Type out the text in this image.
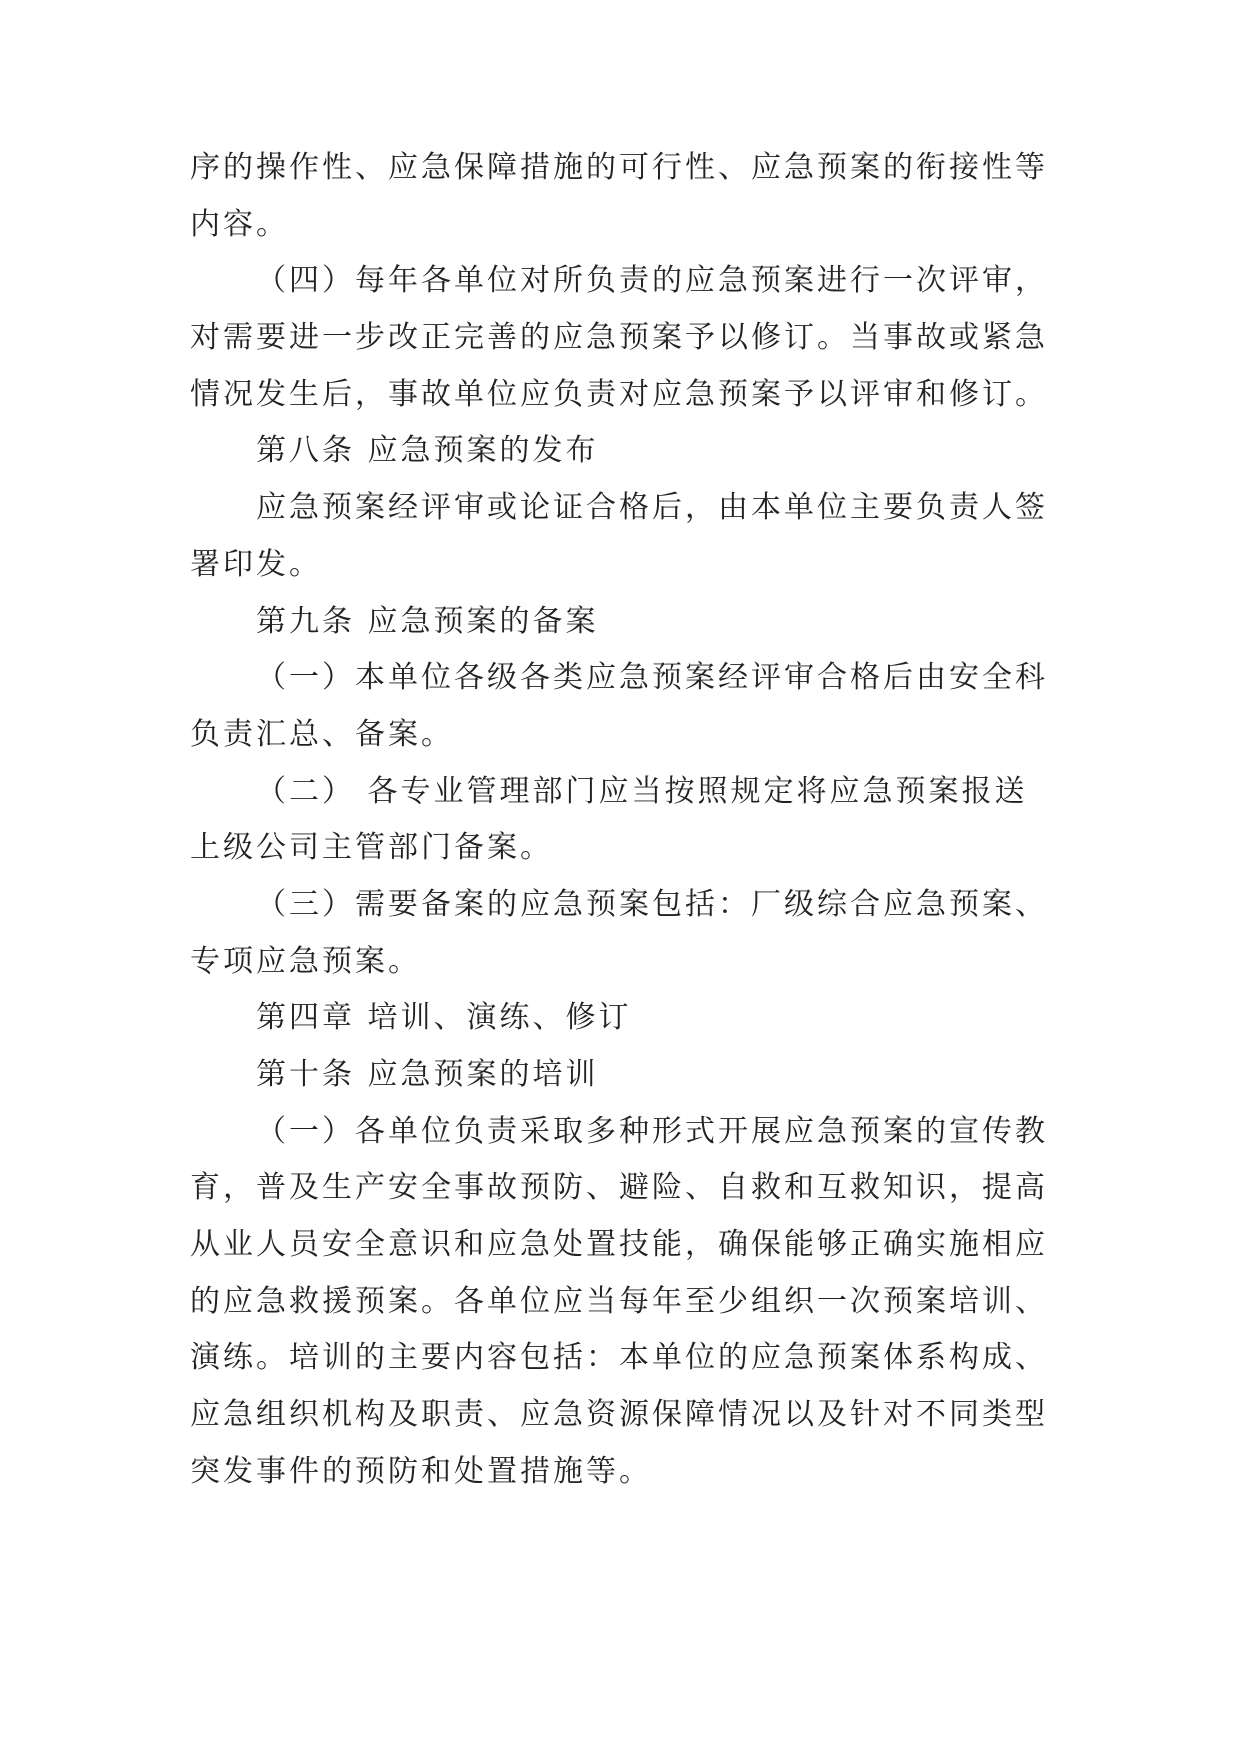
序的操作性、应急保障措施的可行性、应急预案的衔接性等
内容。
（四）每年各单位对所负责的应急预案进行一次评审，
对需要进一步改正完善的应急预案予以修订。当事故或紧急
情况发生后，事故单位应负责对应急预案予以评审和修订。
第八条 应急预案的发布
应急预案经评审或论证合格后，由本单位主要负责人签
署印发。
第九条 应急预案的备案
（一）本单位各级各类应急预案经评审合格后由安全科
负责汇总、备案。
（二） 各专业管理部门应当按照规定将应急预案报送
上级公司主管部门备案。
（三）需要备案的应急预案包括：厂级综合应急预案、
专项应急预案。
第四章 培训、演练、修订
第十条 应急预案的培训
（一）各单位负责采取多种形式开展应急预案的宣传教
育，普及生产安全事故预防、避险、自救和互救知识，提高
从业人员安全意识和应急处置技能，确保能够正确实施相应
的应急救援预案。各单位应当每年至少组织一次预案培训、
演练。培训的主要内容包括：本单位的应急预案体系构成、
应急组织机构及职责、应急资源保障情况以及针对不同类型
突发事件的预防和处置措施等。
